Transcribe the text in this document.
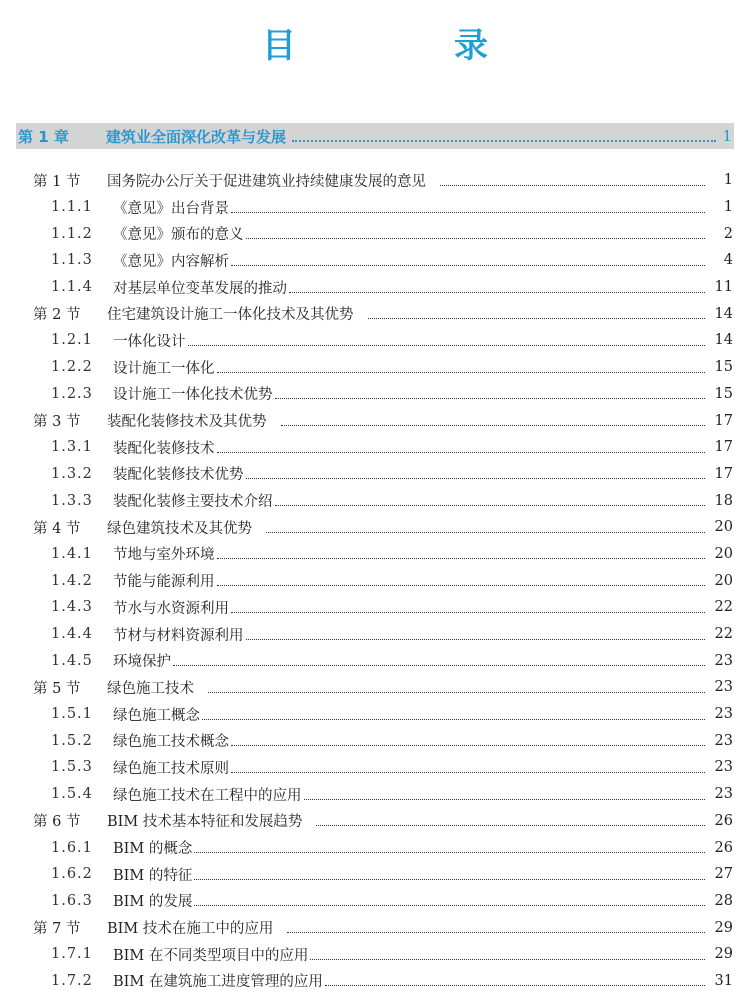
目　录
第 1 章	建筑业全面深化改革与发展	1
第 1 节	国务院办公厅关于促进建筑业持续健康发展的意见	1
1.1.1	《意见》出台背景	1
1.1.2	《意见》颁布的意义	2
1.1.3	《意见》内容解析	4
1.1.4	对基层单位变革发展的推动	11
第 2 节	住宅建筑设计施工一体化技术及其优势	14
1.2.1	一体化设计	14
1.2.2	设计施工一体化	15
1.2.3	设计施工一体化技术优势	15
第 3 节	装配化装修技术及其优势	17
1.3.1	装配化装修技术	17
1.3.2	装配化装修技术优势	17
1.3.3	装配化装修主要技术介绍	18
第 4 节	绿色建筑技术及其优势	20
1.4.1	节地与室外环境	20
1.4.2	节能与能源利用	20
1.4.3	节水与水资源利用	22
1.4.4	节材与材料资源利用	22
1.4.5	环境保护	23
第 5 节	绿色施工技术	23
1.5.1	绿色施工概念	23
1.5.2	绿色施工技术概念	23
1.5.3	绿色施工技术原则	23
1.5.4	绿色施工技术在工程中的应用	23
第 6 节	BIM 技术基本特征和发展趋势	26
1.6.1	BIM 的概念	26
1.6.2	BIM 的特征	27
1.6.3	BIM 的发展	28
第 7 节	BIM 技术在施工中的应用	29
1.7.1	BIM 在不同类型项目中的应用	29
1.7.2	BIM 在建筑施工进度管理的应用	31
